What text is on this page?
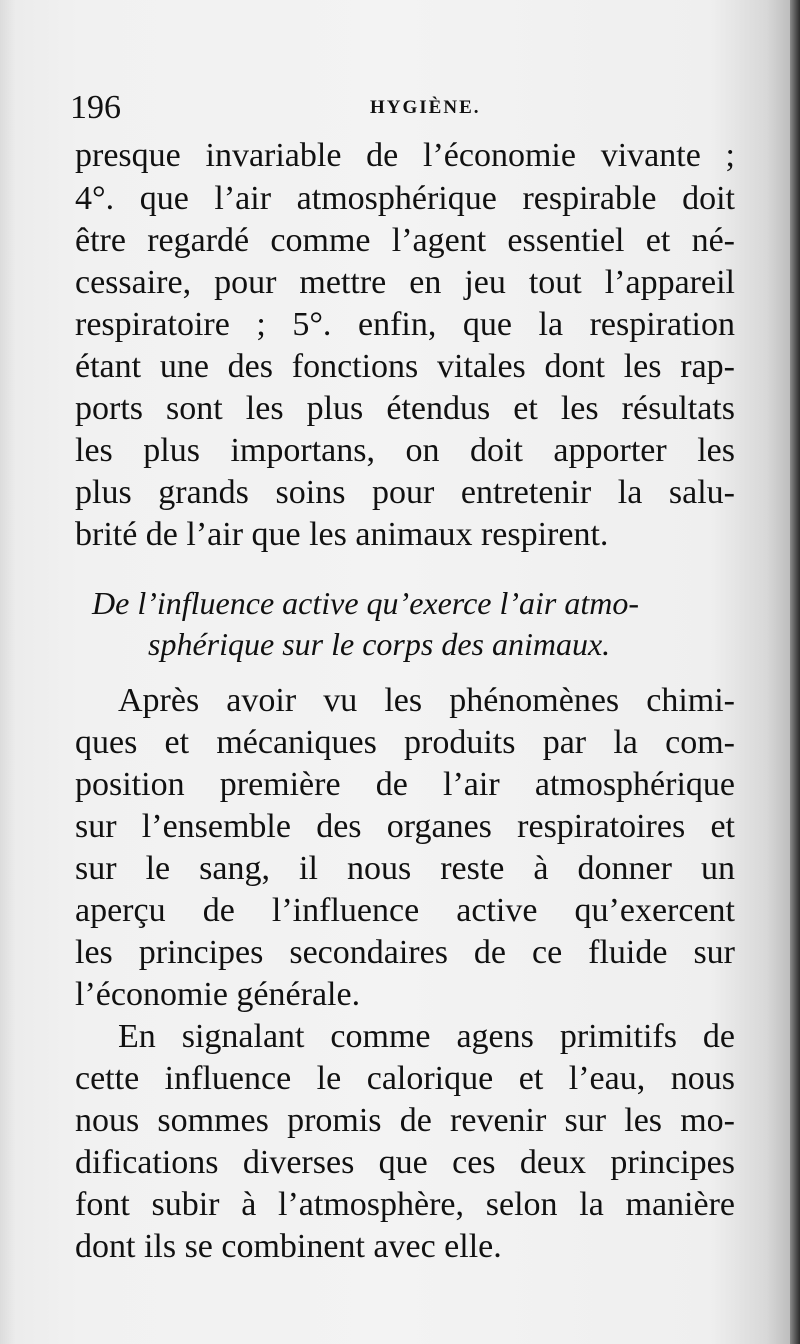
196	HYGIÈNE.
presque invariable de l’économie vivante ;
4°. que l’air atmosphérique respirable doit
être regardé comme l’agent essentiel et né-
cessaire, pour mettre en jeu tout l’appareil
respiratoire ; 5°. enfin, que la respiration
étant une des fonctions vitales dont les rap-
ports sont les plus étendus et les résultats
les plus importans, on doit apporter les
plus grands soins pour entretenir la salu-
brité de l’air que les animaux respirent.
De l’influence active qu’exerce l’air atmo-
sphérique sur le corps des animaux.
Après avoir vu les phénomènes chimi-
ques et mécaniques produits par la com-
position première de l’air atmosphérique
sur l’ensemble des organes respiratoires et
sur le sang, il nous reste à donner un
aperçu de l’influence active qu’exercent
les principes secondaires de ce fluide sur
l’économie générale.
En signalant comme agens primitifs de
cette influence le calorique et l’eau, nous
nous sommes promis de revenir sur les mo-
difications diverses que ces deux principes
font subir à l’atmosphère, selon la manière
dont ils se combinent avec elle.
